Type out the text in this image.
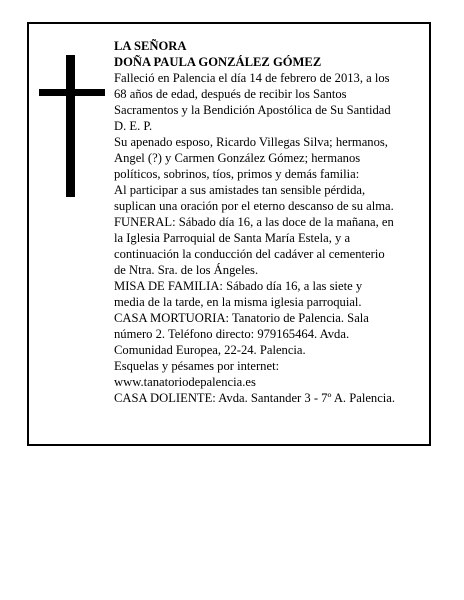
LA SEÑORA
DOÑA PAULA GONZÁLEZ GÓMEZ
Falleció en Palencia el día 14 de febrero de 2013, a los
68 años de edad, después de recibir los Santos
Sacramentos y la Bendición Apostólica de Su Santidad
D. E. P.
Su apenado esposo, Ricardo Villegas Silva; hermanos,
Angel (?) y Carmen González Gómez; hermanos
políticos, sobrinos, tíos, primos y demás familia:
Al participar a sus amistades tan sensible pérdida,
suplican una oración por el eterno descanso de su alma.
FUNERAL: Sábado día 16, a las doce de la mañana, en
la Iglesia Parroquial de Santa María Estela, y a
continuación la conducción del cadáver al cementerio
de Ntra. Sra. de los Ángeles.
MISA DE FAMILIA: Sábado día 16, a las siete y
media de la tarde, en la misma iglesia parroquial.
CASA MORTUORIA: Tanatorio de Palencia. Sala
número 2. Teléfono directo: 979165464. Avda.
Comunidad Europea, 22-24. Palencia.
Esquelas y pésames por internet:
www.tanatoriodepalencia.es
CASA DOLIENTE: Avda. Santander 3 - 7º A. Palencia.
